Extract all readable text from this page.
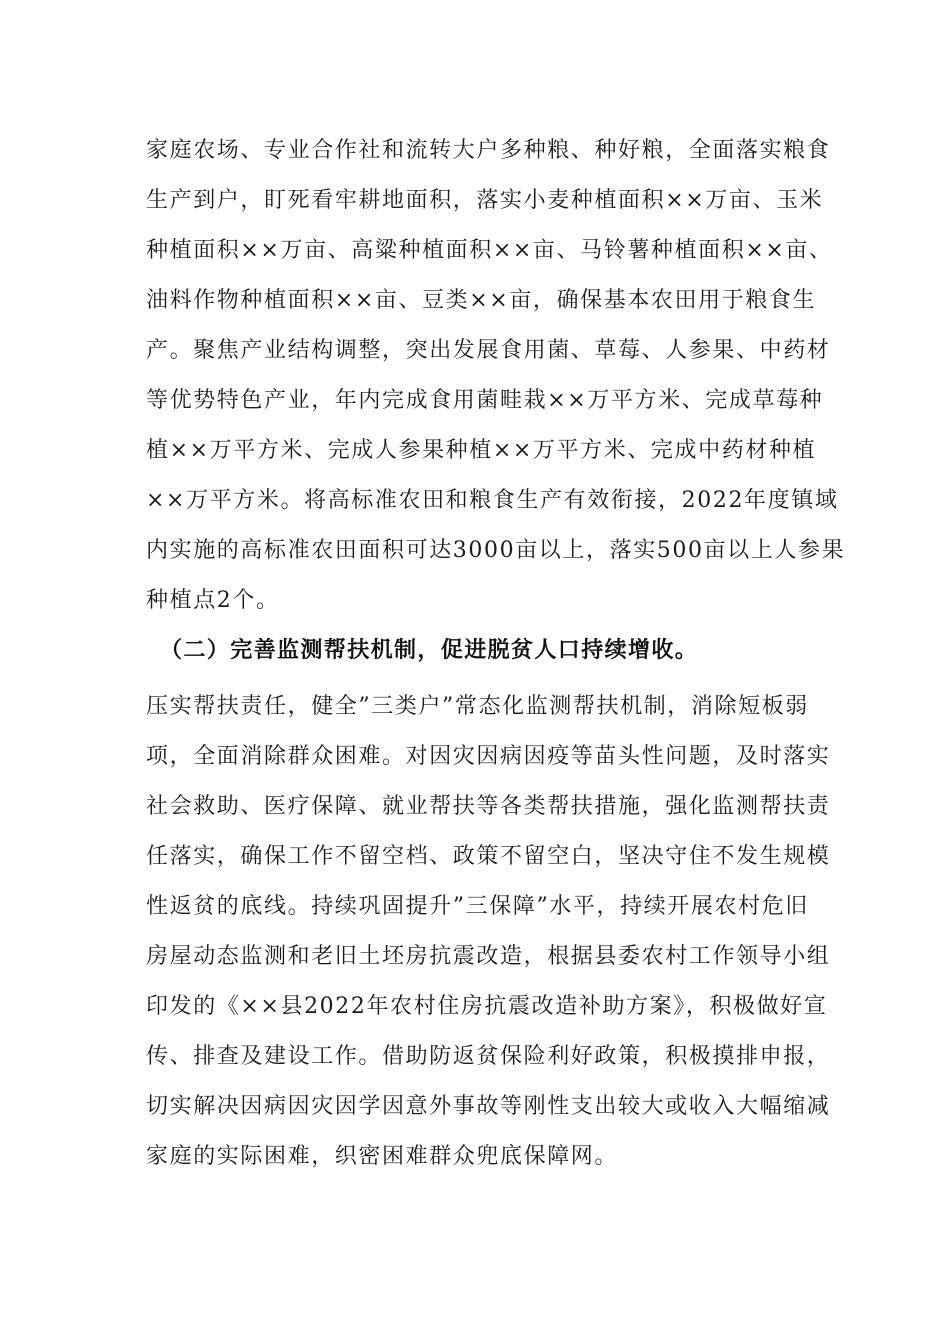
家庭农场、专业合作社和流转大户多种粮、种好粮，全面落实粮食
生产到户，盯死看牢耕地面积，落实小麦种植面积××万亩、玉米
种植面积××万亩、高粱种植面积××亩、马铃薯种植面积××亩、
油料作物种植面积××亩、豆类××亩，确保基本农田用于粮食生
产。聚焦产业结构调整，突出发展食用菌、草莓、人参果、中药材
等优势特色产业，年内完成食用菌畦栽××万平方米、完成草莓种
植××万平方米、完成人参果种植××万平方米、完成中药材种植
××万平方米。将高标准农田和粮食生产有效衔接，2022年度镇域
内实施的高标准农田面积可达3000亩以上，落实500亩以上人参果
种植点2个。
（二）完善监测帮扶机制，促进脱贫人口持续增收。
压实帮扶责任，健全”三类户”常态化监测帮扶机制，消除短板弱
项，全面消除群众困难。对因灾因病因疫等苗头性问题，及时落实
社会救助、医疗保障、就业帮扶等各类帮扶措施，强化监测帮扶责
任落实，确保工作不留空档、政策不留空白，坚决守住不发生规模
性返贫的底线。持续巩固提升”三保障”水平，持续开展农村危旧
房屋动态监测和老旧土坯房抗震改造，根据县委农村工作领导小组
印发的《××县2022年农村住房抗震改造补助方案》，积极做好宣
传、排查及建设工作。借助防返贫保险利好政策，积极摸排申报，
切实解决因病因灾因学因意外事故等刚性支出较大或收入大幅缩减
家庭的实际困难，织密困难群众兜底保障网。
